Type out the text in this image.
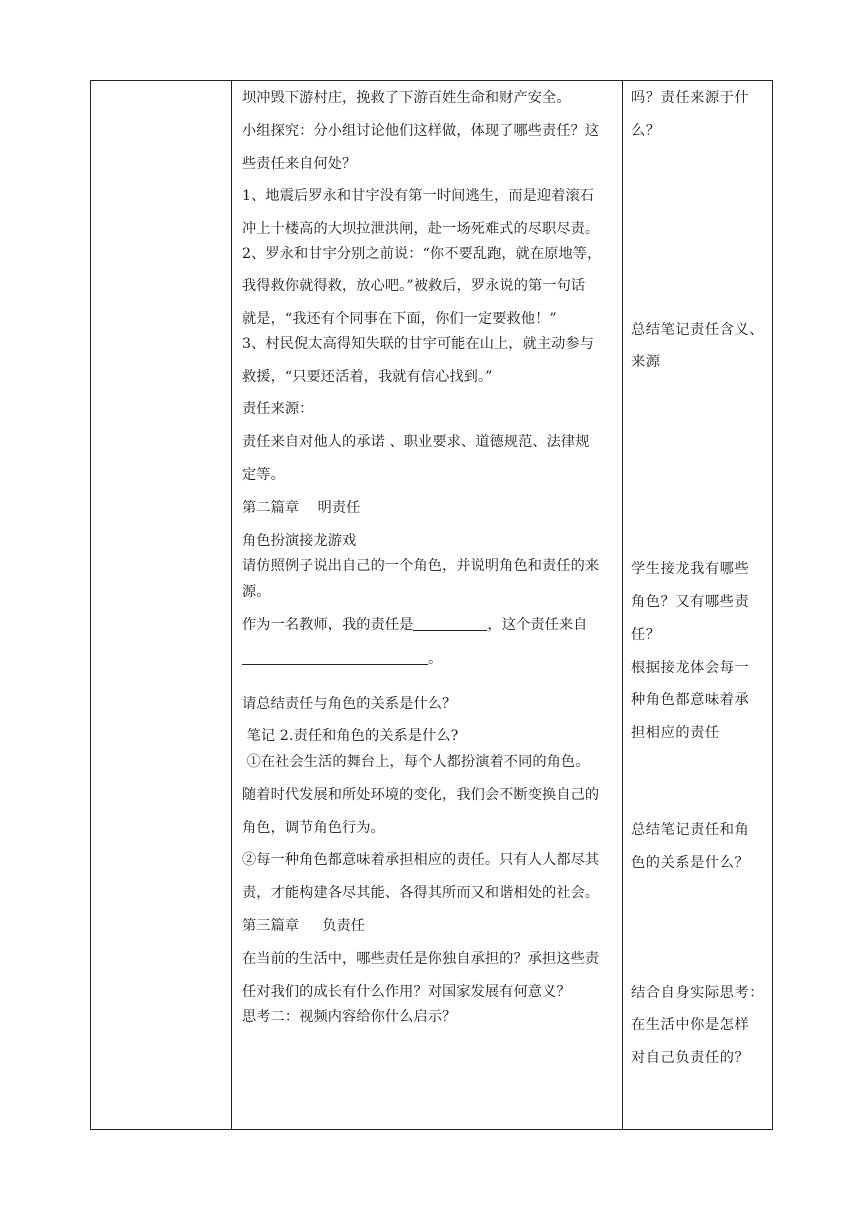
坝冲毁下游村庄，挽救了下游百姓生命和财产安全。
小组探究：分小组讨论他们这样做，体现了哪些责任？这
些责任来自何处？
1、地震后罗永和甘宇没有第一时间逃生，而是迎着滚石
冲上十楼高的大坝拉泄洪闸，赴一场死难式的尽职尽责。
2、罗永和甘宇分别之前说：“你不要乱跑，就在原地等，
我得救你就得救，放心吧。”被救后，罗永说的第一句话
就是，“我还有个同事在下面，你们一定要救他！”
3、村民倪太高得知失联的甘宇可能在山上，就主动参与
救援，“只要还活着，我就有信心找到。”
责任来源：
责任来自对他人的承诺 、职业要求、道德规范、法律规
定等。
第二篇章    明责任
角色扮演接龙游戏
请仿照例子说出自己的一个角色，并说明角色和责任的来
源。
作为一名教师，我的责任是	，这个责任来自
。
请总结责任与角色的关系是什么？
笔记 2.责任和角色的关系是什么?
①在社会生活的舞台上，每个人都扮演着不同的角色。
随着时代发展和所处环境的变化，我们会不断变换自己的
角色，调节角色行为。
②每一种角色都意味着承担相应的责任。只有人人都尽其
责，才能构建各尽其能、各得其所而又和谐相处的社会。
第三篇章     负责任
在当前的生活中，哪些责任是你独自承担的？承担这些责
任对我们的成长有什么作用？对国家发展有何意义？
思考二：视频内容给你什么启示？

吗？责任来源于什
么？
总结笔记责任含义、
来源
学生接龙我有哪些
角色？又有哪些责
任？
根据接龙体会每一
种角色都意味着承
担相应的责任
总结笔记责任和角
色的关系是什么？
结合自身实际思考：
在生活中你是怎样
对自己负责任的？
